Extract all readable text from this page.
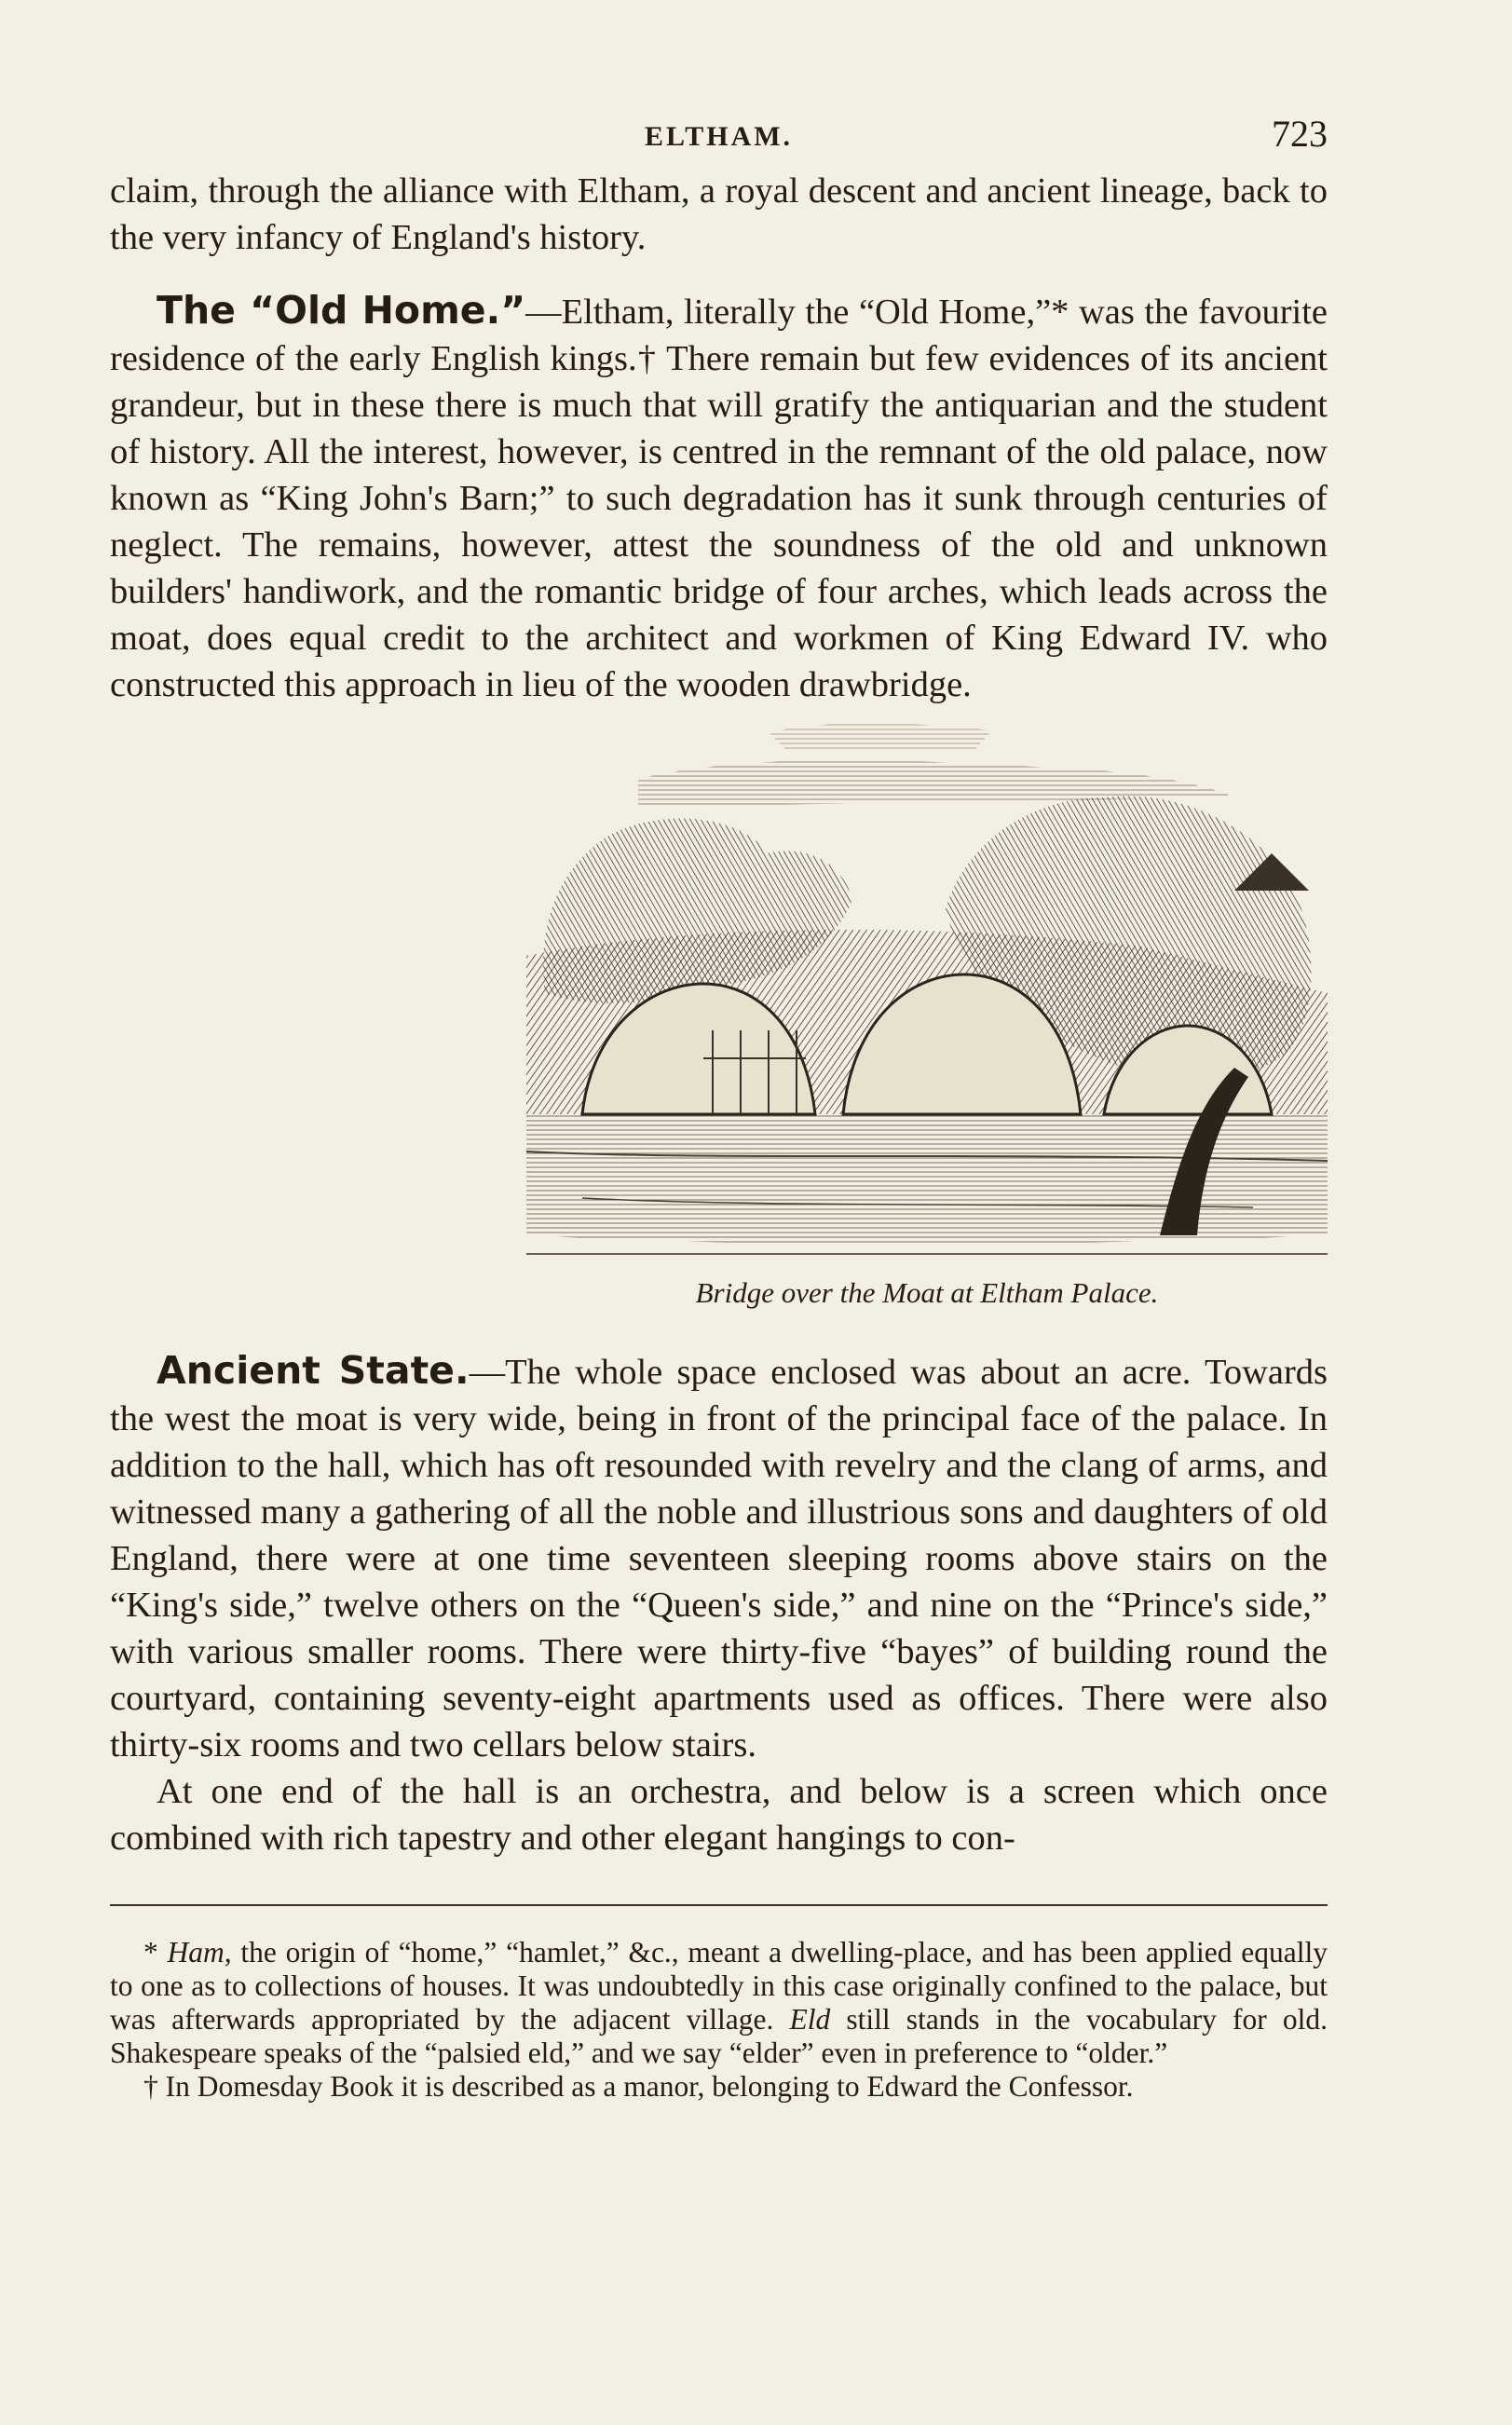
ELTHAM.	723

claim, through the alliance with Eltham, a royal descent and ancient lineage, back to the very infancy of England's history.

The “Old Home.”—Eltham, literally the “Old Home,”* was the favourite residence of the early English kings.† There remain but few evidences of its ancient grandeur, but in these there is much that will gratify the antiquarian and the student of history. All the interest, however, is centred in the remnant of the old palace, now known as “King John's Barn;” to such degradation has it sunk through centuries of neglect. The remains, however, attest the soundness of the old and unknown builders' handiwork, and the romantic bridge of four arches, which leads across the moat, does equal credit to the architect and workmen of King Edward IV. who constructed this approach in lieu of the wooden drawbridge.

Bridge over the Moat at Eltham Palace.

Ancient State.—The whole space enclosed was about an acre. Towards the west the moat is very wide, being in front of the principal face of the palace. In addition to the hall, which has oft resounded with revelry and the clang of arms, and witnessed many a gathering of all the noble and illustrious sons and daughters of old England, there were at one time seventeen sleeping rooms above stairs on the “King's side,” twelve others on the “Queen's side,” and nine on the “Prince's side,” with various smaller rooms. There were thirty-five “bayes” of building round the courtyard, containing seventy-eight apartments used as offices. There were also thirty-six rooms and two cellars below stairs.

At one end of the hall is an orchestra, and below is a screen which once combined with rich tapestry and other elegant hangings to con-

* Ham, the origin of “home,” “hamlet,” &c., meant a dwelling-place, and has been applied equally to one as to collections of houses. It was undoubtedly in this case originally confined to the palace, but was afterwards appropriated by the adjacent village. Eld still stands in the vocabulary for old. Shakespeare speaks of the “palsied eld,” and we say “elder” even in preference to “older.”

† In Domesday Book it is described as a manor, belonging to Edward the Confessor.
